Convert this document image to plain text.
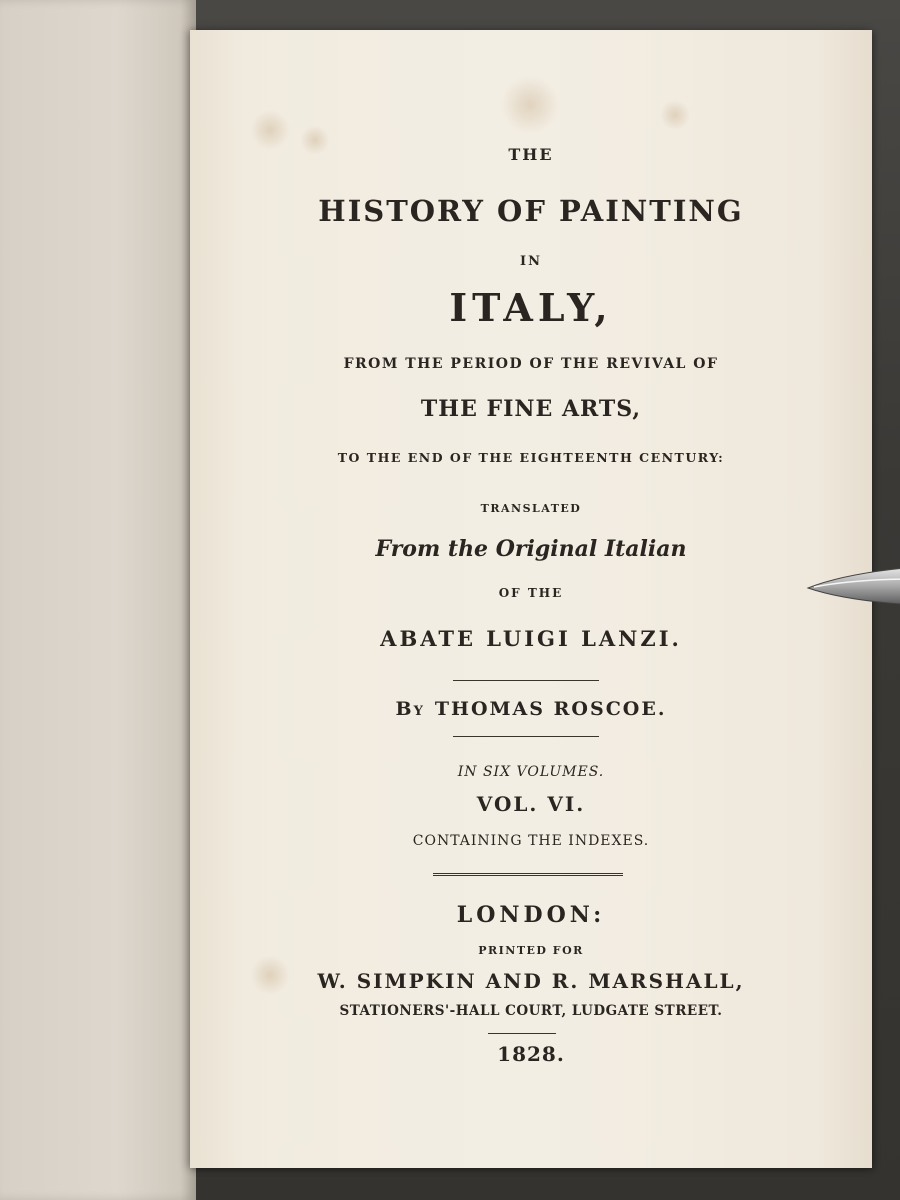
THE
HISTORY OF PAINTING
IN
ITALY,
FROM THE PERIOD OF THE REVIVAL OF
THE FINE ARTS,
TO THE END OF THE EIGHTEENTH CENTURY:
TRANSLATED
From the Original Italian
OF THE
ABATE LUIGI LANZI.
By THOMAS ROSCOE.
IN SIX VOLUMES.
VOL. VI.
CONTAINING THE INDEXES.
LONDON:
PRINTED FOR
W. SIMPKIN AND R. MARSHALL,
STATIONERS'-HALL COURT, LUDGATE STREET.
1828.
